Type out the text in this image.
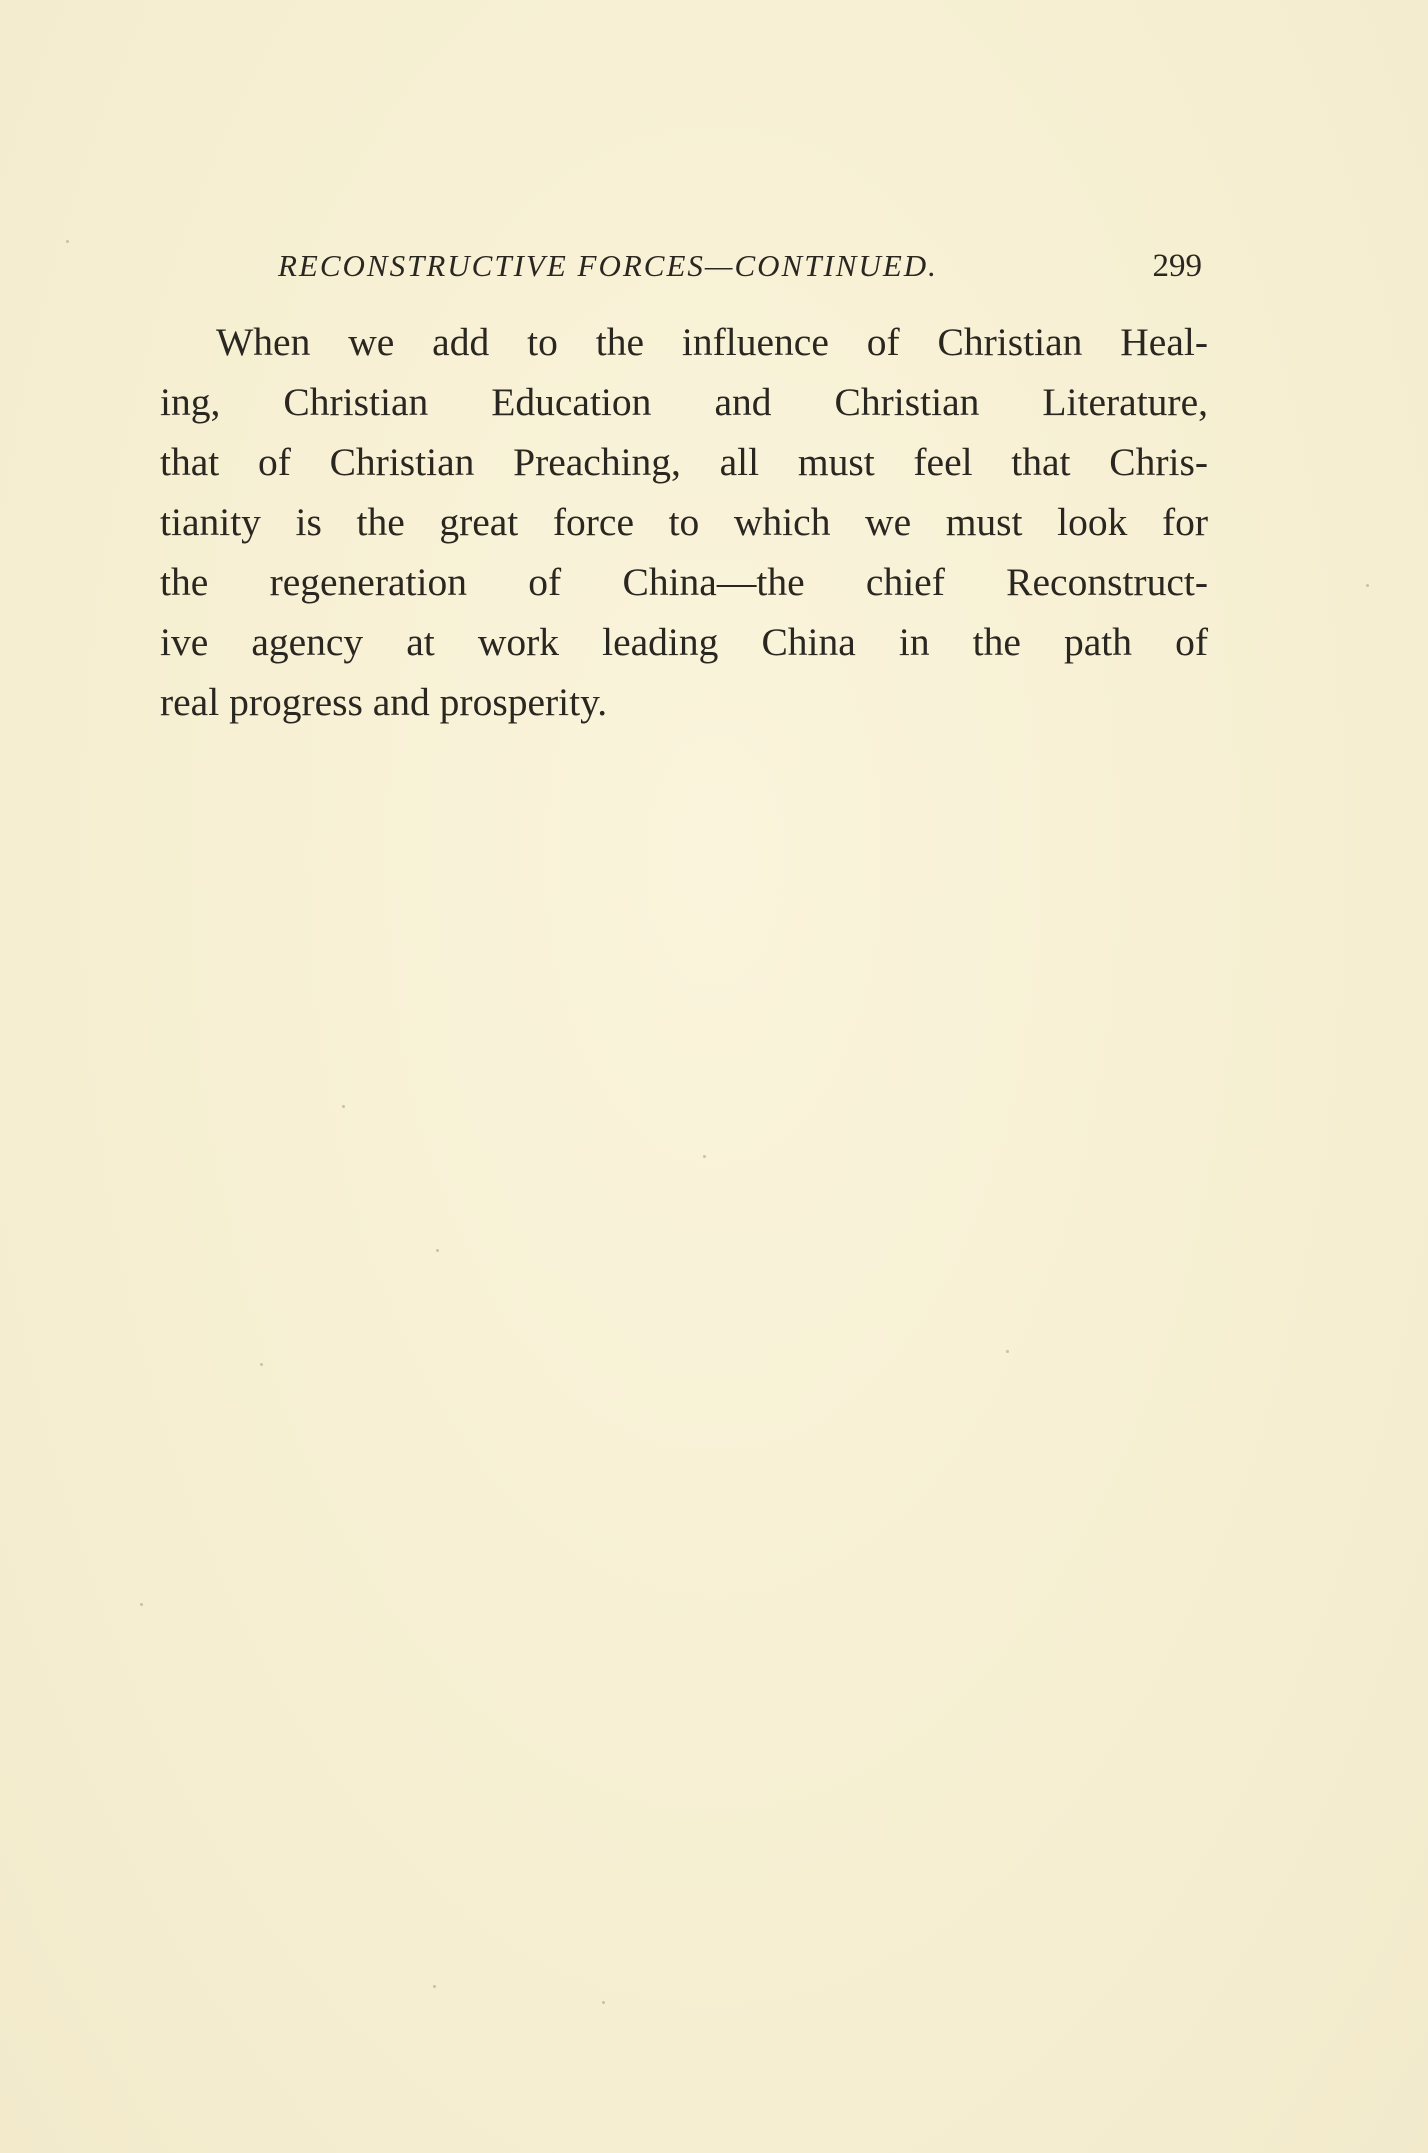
RECONSTRUCTIVE FORCES—CONTINUED.	299
When we add to the influence of Christian Heal-
ing, Christian Education and Christian Literature,
that of Christian Preaching, all must feel that Chris-
tianity is the great force to which we must look for
the regeneration of China—the chief Reconstruct-
ive agency at work leading China in the path of
real progress and prosperity.
